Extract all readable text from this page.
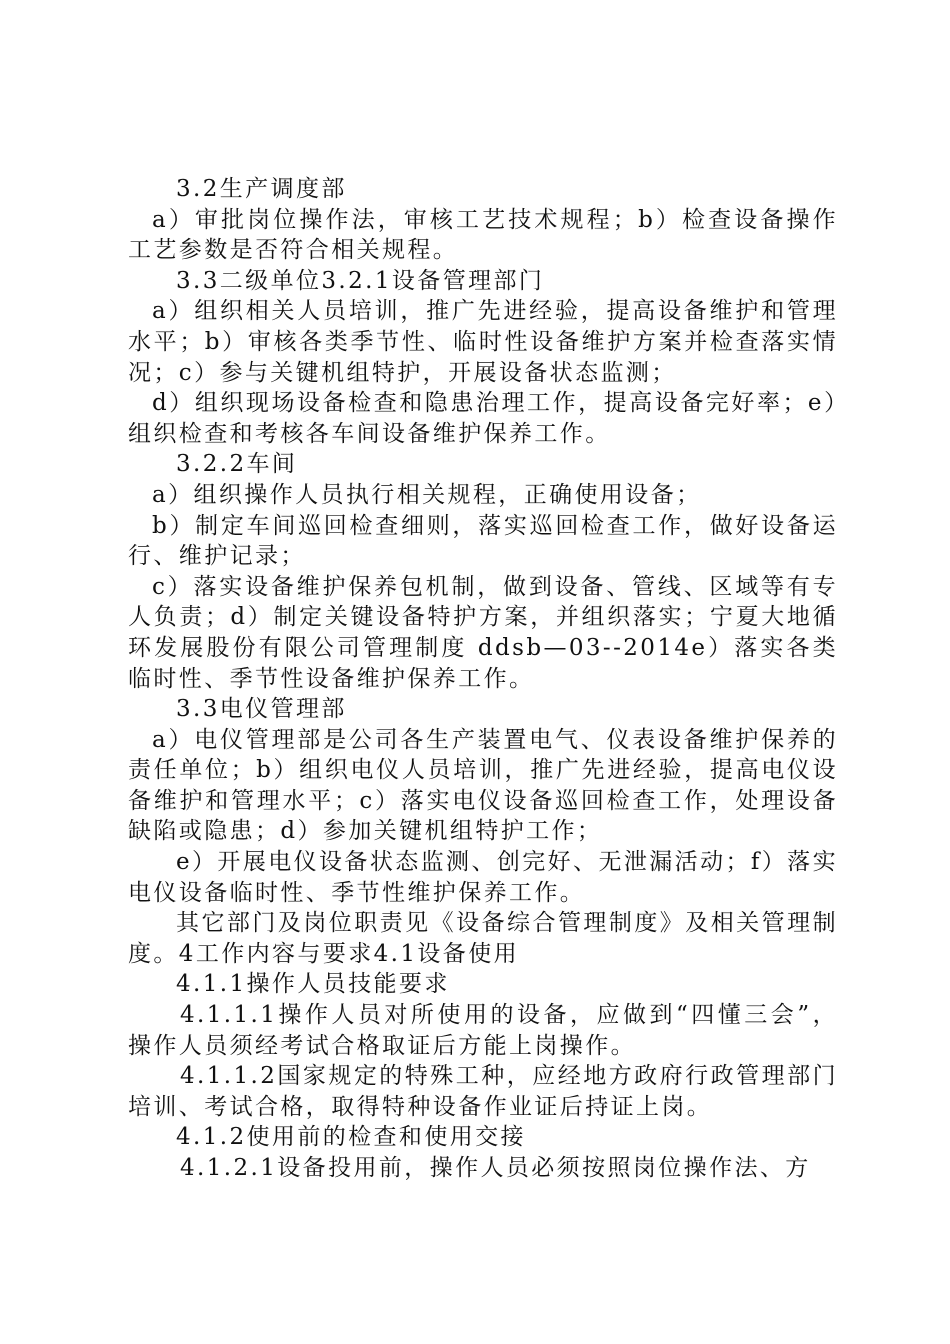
3.2生产调度部

a）审批岗位操作法，审核工艺技术规程；b）检查设备操作工艺参数是否符合相关规程。

3.3二级单位3.2.1设备管理部门

a）组织相关人员培训，推广先进经验，提高设备维护和管理水平；b）审核各类季节性、临时性设备维护方案并检查落实情况；c）参与关键机组特护，开展设备状态监测；

d）组织现场设备检查和隐患治理工作，提高设备完好率；e）组织检查和考核各车间设备维护保养工作。

3.2.2车间

a）组织操作人员执行相关规程，正确使用设备；

b）制定车间巡回检查细则，落实巡回检查工作，做好设备运行、维护记录；

c）落实设备维护保养包机制，做到设备、管线、区域等有专人负责；d）制定关键设备特护方案，并组织落实；宁夏大地循环发展股份有限公司管理制度 ddsb—03--2014e）落实各类临时性、季节性设备维护保养工作。

3.3电仪管理部

a）电仪管理部是公司各生产装置电气、仪表设备维护保养的责任单位；b）组织电仪人员培训，推广先进经验，提高电仪设备维护和管理水平；c）落实电仪设备巡回检查工作，处理设备缺陷或隐患；d）参加关键机组特护工作；

e）开展电仪设备状态监测、创完好、无泄漏活动；f）落实电仪设备临时性、季节性维护保养工作。

其它部门及岗位职责见《设备综合管理制度》及相关管理制度。4工作内容与要求4.1设备使用

4.1.1操作人员技能要求

4.1.1.1操作人员对所使用的设备，应做到“四懂三会”，操作人员须经考试合格取证后方能上岗操作。

4.1.1.2国家规定的特殊工种，应经地方政府行政管理部门培训、考试合格，取得特种设备作业证后持证上岗。

4.1.2使用前的检查和使用交接

4.1.2.1设备投用前，操作人员必须按照岗位操作法、方
